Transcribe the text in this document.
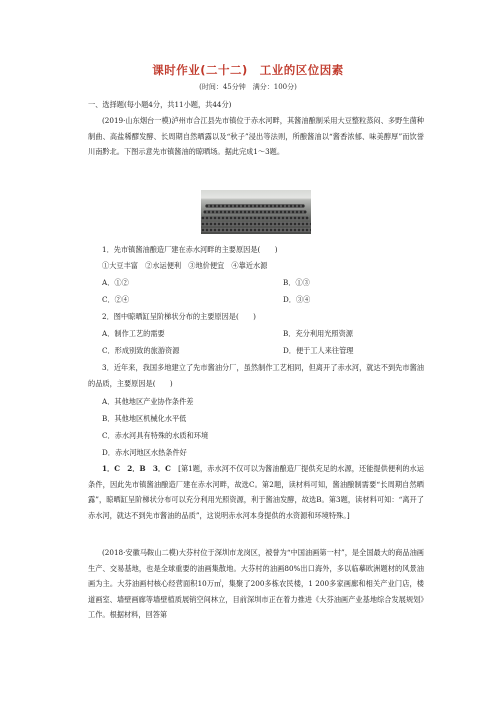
课时作业(二十二)　工业的区位因素
(时间：45分钟　满分：100分)
一、选择题(每小题4分，共11小题，共44分)

(2019·山东烟台一模)泸州市合江县先市镇位于赤水河畔，其酱油酿制采用大豆整粒蒸闷、多野生菌种制曲、高盐稀醪发酵、长周期自然晒露以及“秋子”浸出等法则，所酿酱油以“酱香浓郁、味美醇厚”而饮誉川南黔北。下图示意先市镇酱油的晾晒场。据此完成1～3题。

1．先市镇酱油酿造厂建在赤水河畔的主要原因是(　　)
①大豆丰富　②水运便利　③地价便宜　④靠近水源
A．①②	B．①③
C．②④	D．③④
2．图中晾晒缸呈阶梯状分布的主要原因是(　　)
A．制作工艺的需要	B．充分利用光照资源
C．形成别致的旅游资源	D．便于工人来往管理

3．近年来，我国多地建立了先市酱油分厂，虽然制作工艺相同，但离开了赤水河，就达不到先市酱油的品质，主要原因是(　　)

A．其他地区产业协作条件差
B．其他地区机械化水平低
C．赤水河具有特殊的水质和环境
D．赤水河地区水热条件好

1．C　2．B　3．C　 [第1题，赤水河不仅可以为酱油酿造厂提供充足的水源，还能提供便利的水运条件，因此先市镇酱油酿造厂建在赤水河畔，故选C。第2题，读材料可知，酱油酿制需要“长周期自然晒露”，晾晒缸呈阶梯状分布可以充分利用光照资源，利于酱油发酵，故选B。第3题，读材料可知：“离开了赤水河，就达不到先市酱油的品质”，这说明赤水河本身提供的水资源和环境特殊。]

(2018·安徽马鞍山二模)大芬村位于深圳市龙岗区，被誉为“中国油画第一村”，是全国最大的商品油画生产、交易基地，也是全球重要的油画集散地。大芬村的油画80%出口海外，多以临摹欧洲题材的风景油画为主。大芬油画村核心经营面积10万㎡，集聚了200多栋农民楼，1 200多家画廊和相关产业门店，楼道画室、墙壁画廊等墙壁植质展销空间林立，目前深圳市正在着力推进《大芬油画产业基地综合发展规划》工作。根据材料，回答第
